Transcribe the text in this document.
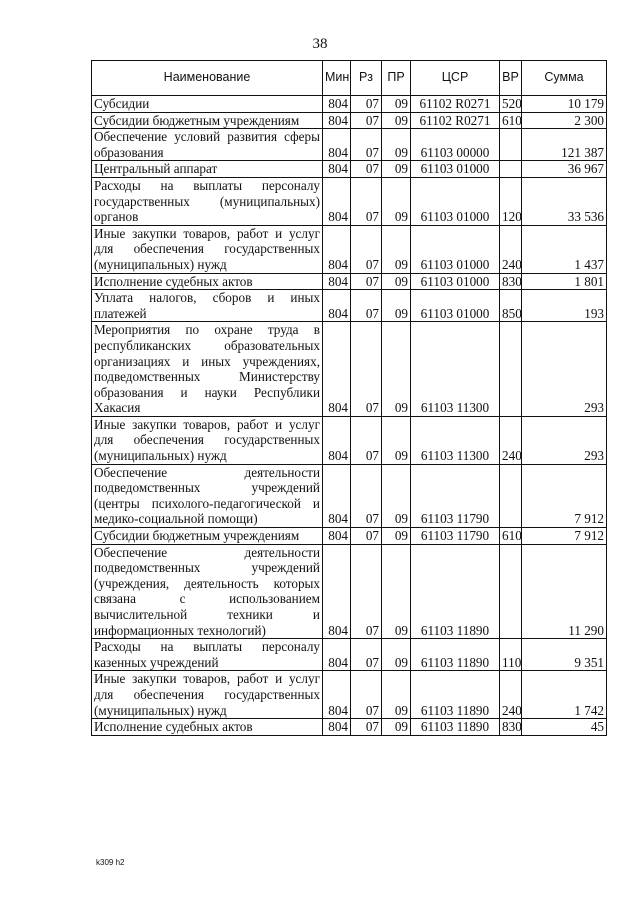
38
Наименование	Мин	Рз	ПР	ЦСР	ВР	Сумма
Субсидии	804	07	09	61102 R0271	520	10 179
Субсидии бюджетным учреждениям	804	07	09	61102 R0271	610	2 300
Обеспечение условий развития сферы образования	804	07	09	61103 00000		121 387
Центральный аппарат	804	07	09	61103 01000		36 967
Расходы на выплаты персоналу государственных (муниципальных) органов	804	07	09	61103 01000	120	33 536
Иные закупки товаров, работ и услуг для обеспечения государственных (муниципальных) нужд	804	07	09	61103 01000	240	1 437
Исполнение судебных актов	804	07	09	61103 01000	830	1 801
Уплата налогов, сборов и иных платежей	804	07	09	61103 01000	850	193
Мероприятия по охране труда в республиканских образовательных организациях и иных учреждениях, подведомственных Министерству образования и науки Республики Хакасия	804	07	09	61103 11300		293
Иные закупки товаров, работ и услуг для обеспечения государственных (муниципальных) нужд	804	07	09	61103 11300	240	293
Обеспечение деятельности подведомственных учреждений (центры психолого-педагогической и медико-социальной помощи)	804	07	09	61103 11790		7 912
Субсидии бюджетным учреждениям	804	07	09	61103 11790	610	7 912
Обеспечение деятельности подведомственных учреждений (учреждения, деятельность которых связана с использованием вычислительной техники и информационных технологий)	804	07	09	61103 11890		11 290
Расходы на выплаты персоналу казенных учреждений	804	07	09	61103 11890	110	9 351
Иные закупки товаров, работ и услуг для обеспечения государственных (муниципальных) нужд	804	07	09	61103 11890	240	1 742
Исполнение судебных актов	804	07	09	61103 11890	830	45
k309 h2
